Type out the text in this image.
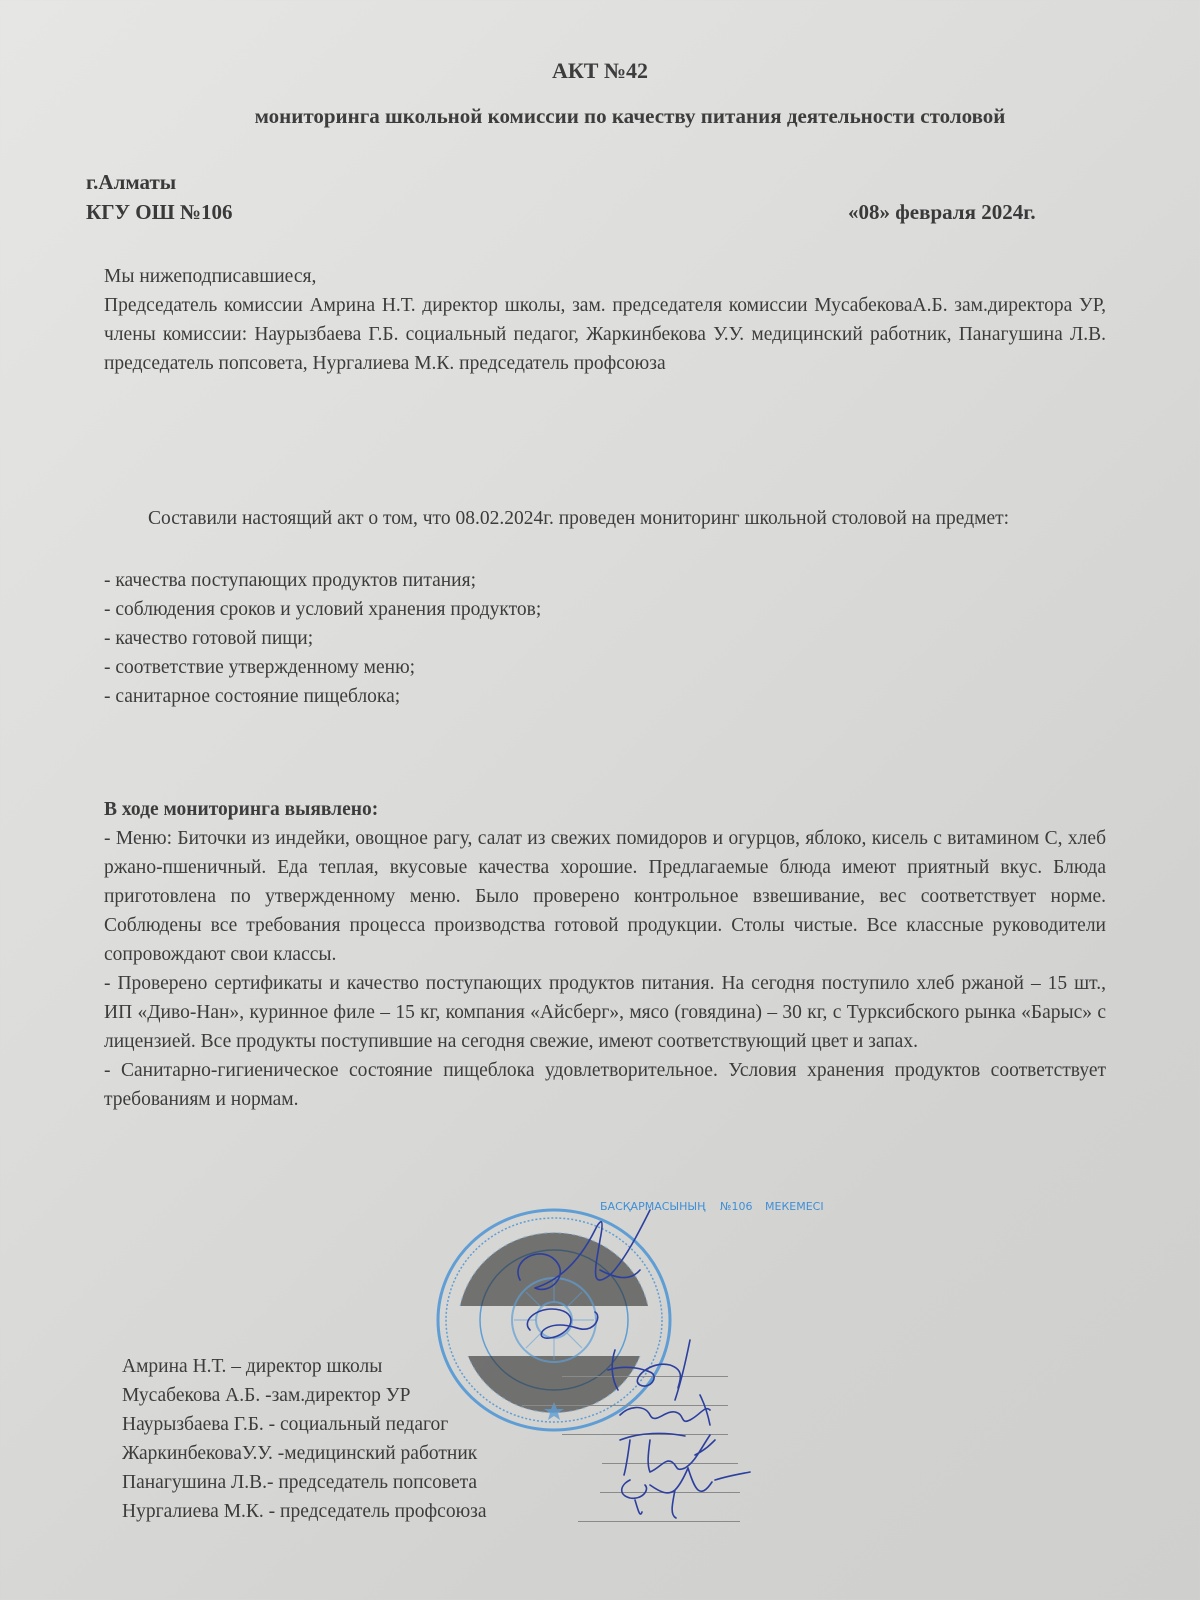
АКТ №42
мониторинга школьной комиссии по качеству питания деятельности столовой
г.Алматы
КГУ ОШ №106	«08» февраля 2024г.
Мы нижеподписавшиеся,
Председатель комиссии Амрина Н.Т. директор школы, зам. председателя комиссии МусабековаА.Б. зам.директора УР, члены комиссии: Наурызбаева Г.Б. социальный педагог, Жаркинбекова У.У. медицинский работник, Панагушина Л.В. председатель попсовета, Нургалиева М.К. председатель профсоюза
Составили настоящий акт о том, что 08.02.2024г. проведен мониторинг школьной столовой на предмет:
- качества поступающих продуктов питания;
- соблюдения сроков и условий хранения продуктов;
- качество готовой пищи;
- соответствие утвержденному меню;
- санитарное состояние пищеблока;
В ходе мониторинга выявлено:
- Меню: Биточки из индейки, овощное рагу, салат из свежих помидоров и огурцов, яблоко, кисель с витамином С, хлеб ржано-пшеничный. Еда теплая, вкусовые качества хорошие. Предлагаемые блюда имеют приятный вкус. Блюда приготовлена по утвержденному меню. Было проверено контрольное взвешивание, вес соответствует норме. Соблюдены все требования процесса производства готовой продукции. Столы чистые. Все классные руководители сопровождают свои классы.
- Проверено сертификаты и качество поступающих продуктов питания. На сегодня поступило хлеб ржаной – 15 шт., ИП «Диво-Нан», куринное филе – 15 кг, компания «Айсберг», мясо (говядина) – 30 кг, с Турксибского рынка «Барыс» с лицензией. Все продукты поступившие на сегодня свежие, имеют соответствующий цвет и запах.
- Санитарно-гигиеническое состояние пищеблока удовлетворительное. Условия хранения продуктов соответствует требованиям и нормам.
БАСҚАРМАСЫНЫҢ №106 МЕКЕМЕСІ
Амрина Н.Т. – директор школы
Мусабекова А.Б. -зам.директор УР
Наурызбаева Г.Б. - социальный педагог
ЖаркинбековаУ.У. -медицинский работник
Панагушина Л.В.- председатель попсовета
Нургалиева М.К. - председатель профсоюза
